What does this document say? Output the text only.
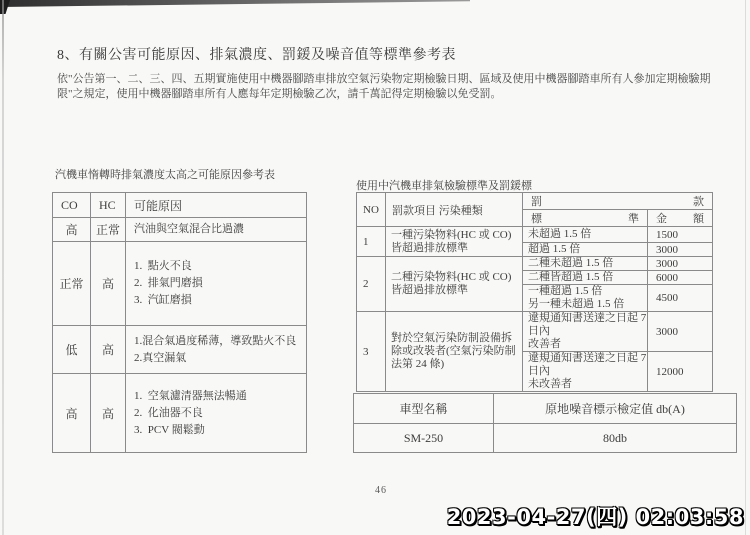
8、有關公害可能原因、排氣濃度、罰鍰及噪音值等標準參考表
依"公告第一、二、三、四、五期實施使用中機器腳踏車排放空氣污染物定期檢驗日期、區域及使用中機器腳踏車所有人參加定期檢驗期
限"之規定，使用中機器腳踏車所有人應每年定期檢驗乙次，請千萬記得定期檢驗以免受罰。
汽機車惰轉時排氣濃度太高之可能原因參考表
CO	HC	可能原因
高	正常	汽油與空氣混合比過濃

正常	高	1.  點火不良
2.  排氣門磨損
3.  汽缸磨損

低	高	1.混合氣過度稀薄，導致點火不良
2.真空漏氣

高	高	1.  空氣濾清器無法暢通
2.  化油器不良
3.  PCV 閥鬆動
使用中汽機車排氣檢驗標準及罰鍰標
NO	罰款項目 污染種類	罰 款	

		標 準	金 額

1	一種污染物料(HC 或 CO)皆超過排放標準	未超過 1.5 倍	1500
		超過 1.5 倍	3000
2	二種污染物料(HC 或 CO)皆超過排放標準	二種未超過 1.5 倍	3000
		二種皆超過 1.5 倍	6000

		一種超過 1.5 倍
另一種未超過 1.5 倍	4500
3	對於空氣污染防制設備拆除或改裝者(空氣污染防制法第 24 條)	違規通知書送達之日起 7 日內
改善者	3000

		違規通知書送達之日起 7 日內
未改善者	12000
車型名稱	原地噪音標示檢定值 db(A)
SM-250	80db
46
2023-04-27(四) 02:03:58
